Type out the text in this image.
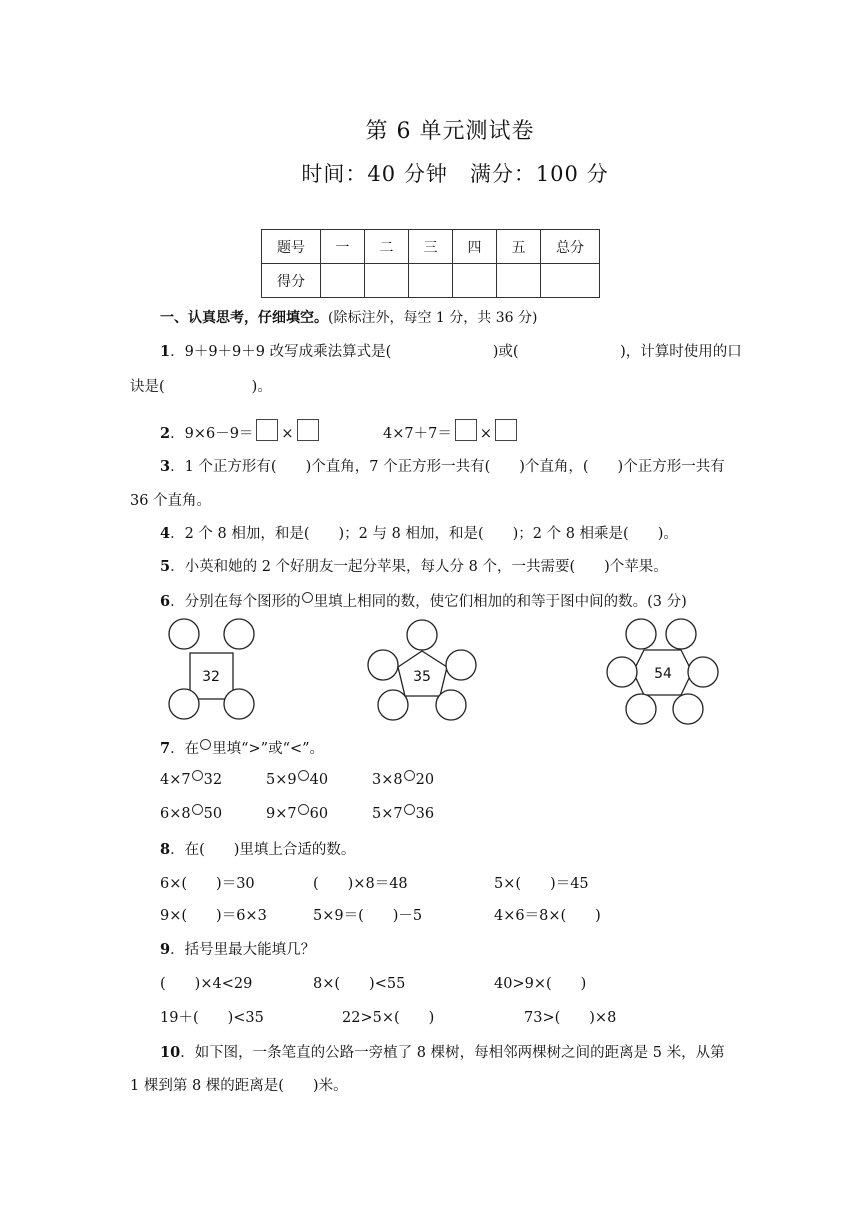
第 6 单元测试卷
时间：40 分钟　满分：100 分
题号	一	二	三	四	五	总分
得分						
一、认真思考，仔细填空。(除标注外，每空 1 分，共 36 分)
1．9＋9＋9＋9 改写成乘法算式是(　　　　　　　)或(　　　　　　　)，计算时使用的口
诀是(　　　　　　)。
2．9×6－9＝ ×	4×7＋7＝ ×
3．1 个正方形有(　　)个直角，7 个正方形一共有(　　)个直角，(　　)个正方形一共有
36 个直角。
4．2 个 8 相加，和是(　　)；2 与 8 相加，和是(　　)；2 个 8 相乘是(　　)。
5．小英和她的 2 个好朋友一起分苹果，每人分 8 个，一共需要(　　)个苹果。
6．分别在每个图形的 里填上相同的数，使它们相加的和等于图中间的数。(3 分)
32	35	54
7．在 里填“>”或“<”。
4×7 32	5×9 40	3×8 20
6×8 50	9×7 60	5×7 36
8．在(　　)里填上合适的数。
6×(　　)＝30	(　　)×8＝48	5×(　　)＝45
9×(　　)＝6×3	5×9＝(　　)－5	4×6＝8×(　　)
9．括号里最大能填几？
(　　)×4<29	8×(　　)<55	40>9×(　　)
19＋(　　)<35	22>5×(　　)	73>(　　)×8
10．如下图，一条笔直的公路一旁植了 8 棵树，每相邻两棵树之间的距离是 5 米，从第
1 棵到第 8 棵的距离是(　　)米。
